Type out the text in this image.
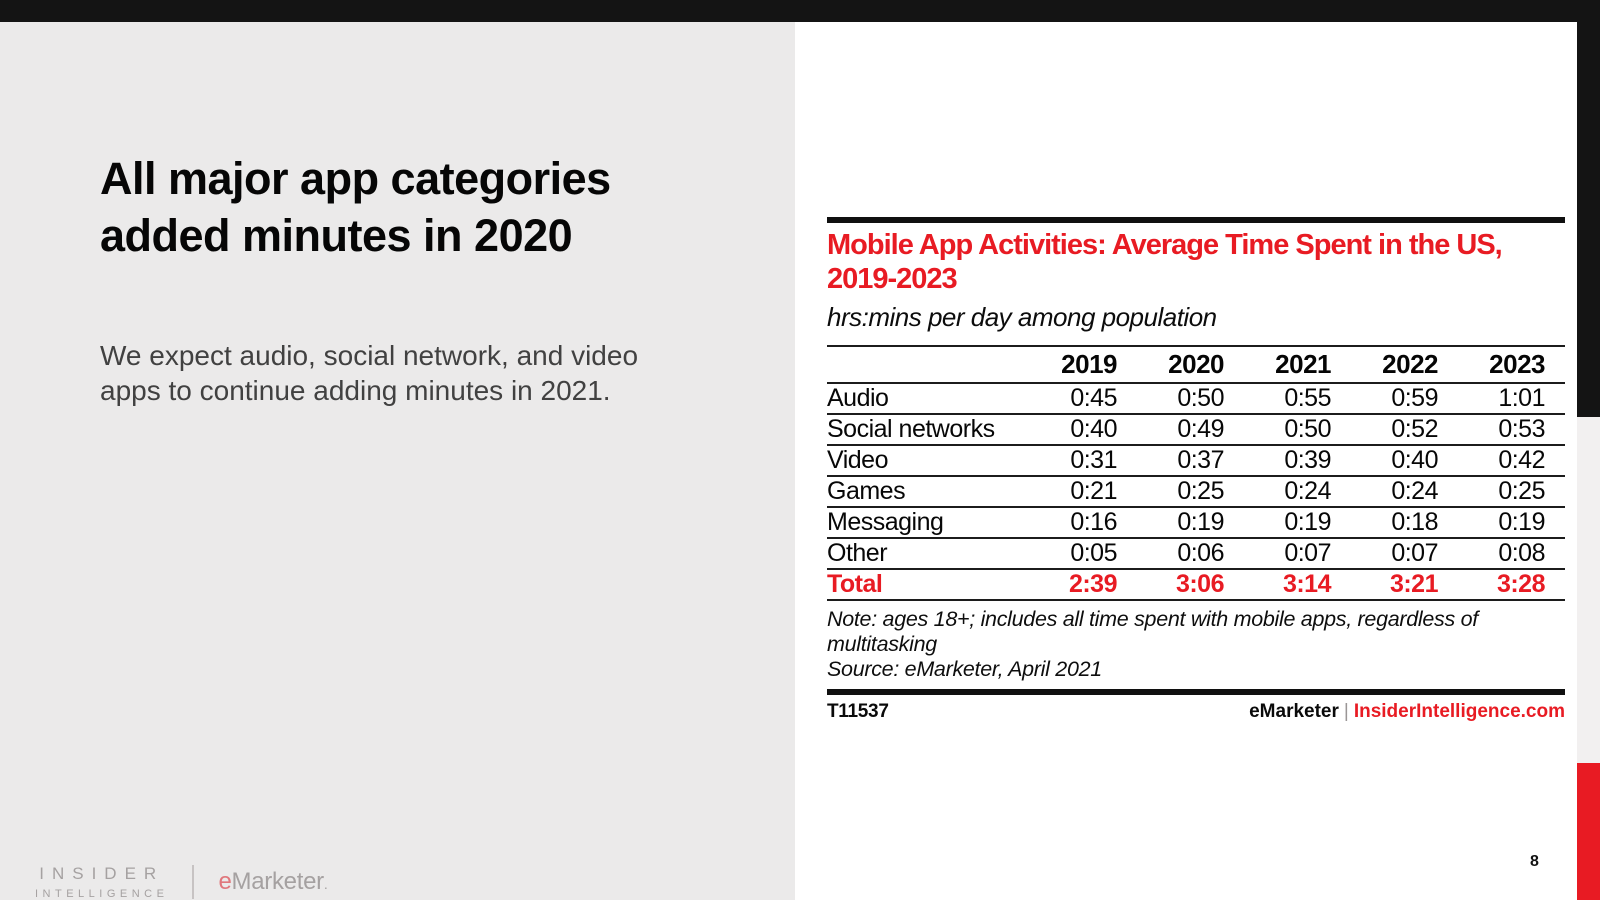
All major app categories
added minutes in 2020

We expect audio, social network, and video apps to continue adding minutes in 2021.

INSIDER
INTELLIGENCE eMarketer.
Mobile App Activities: Average Time Spent in the US, 2019-2023
hrs:mins per day among population
	2019	2020	2021	2022	2023
Audio	0:45	0:50	0:55	0:59	1:01
Social networks	0:40	0:49	0:50	0:52	0:53
Video	0:31	0:37	0:39	0:40	0:42
Games	0:21	0:25	0:24	0:24	0:25
Messaging	0:16	0:19	0:19	0:18	0:19
Other	0:05	0:06	0:07	0:07	0:08
Total	2:39	3:06	3:14	3:21	3:28
Note: ages 18+; includes all time spent with mobile apps, regardless of multitasking
Source: eMarketer, April 2021
T11537	eMarketer | InsiderIntelligence.com
8
